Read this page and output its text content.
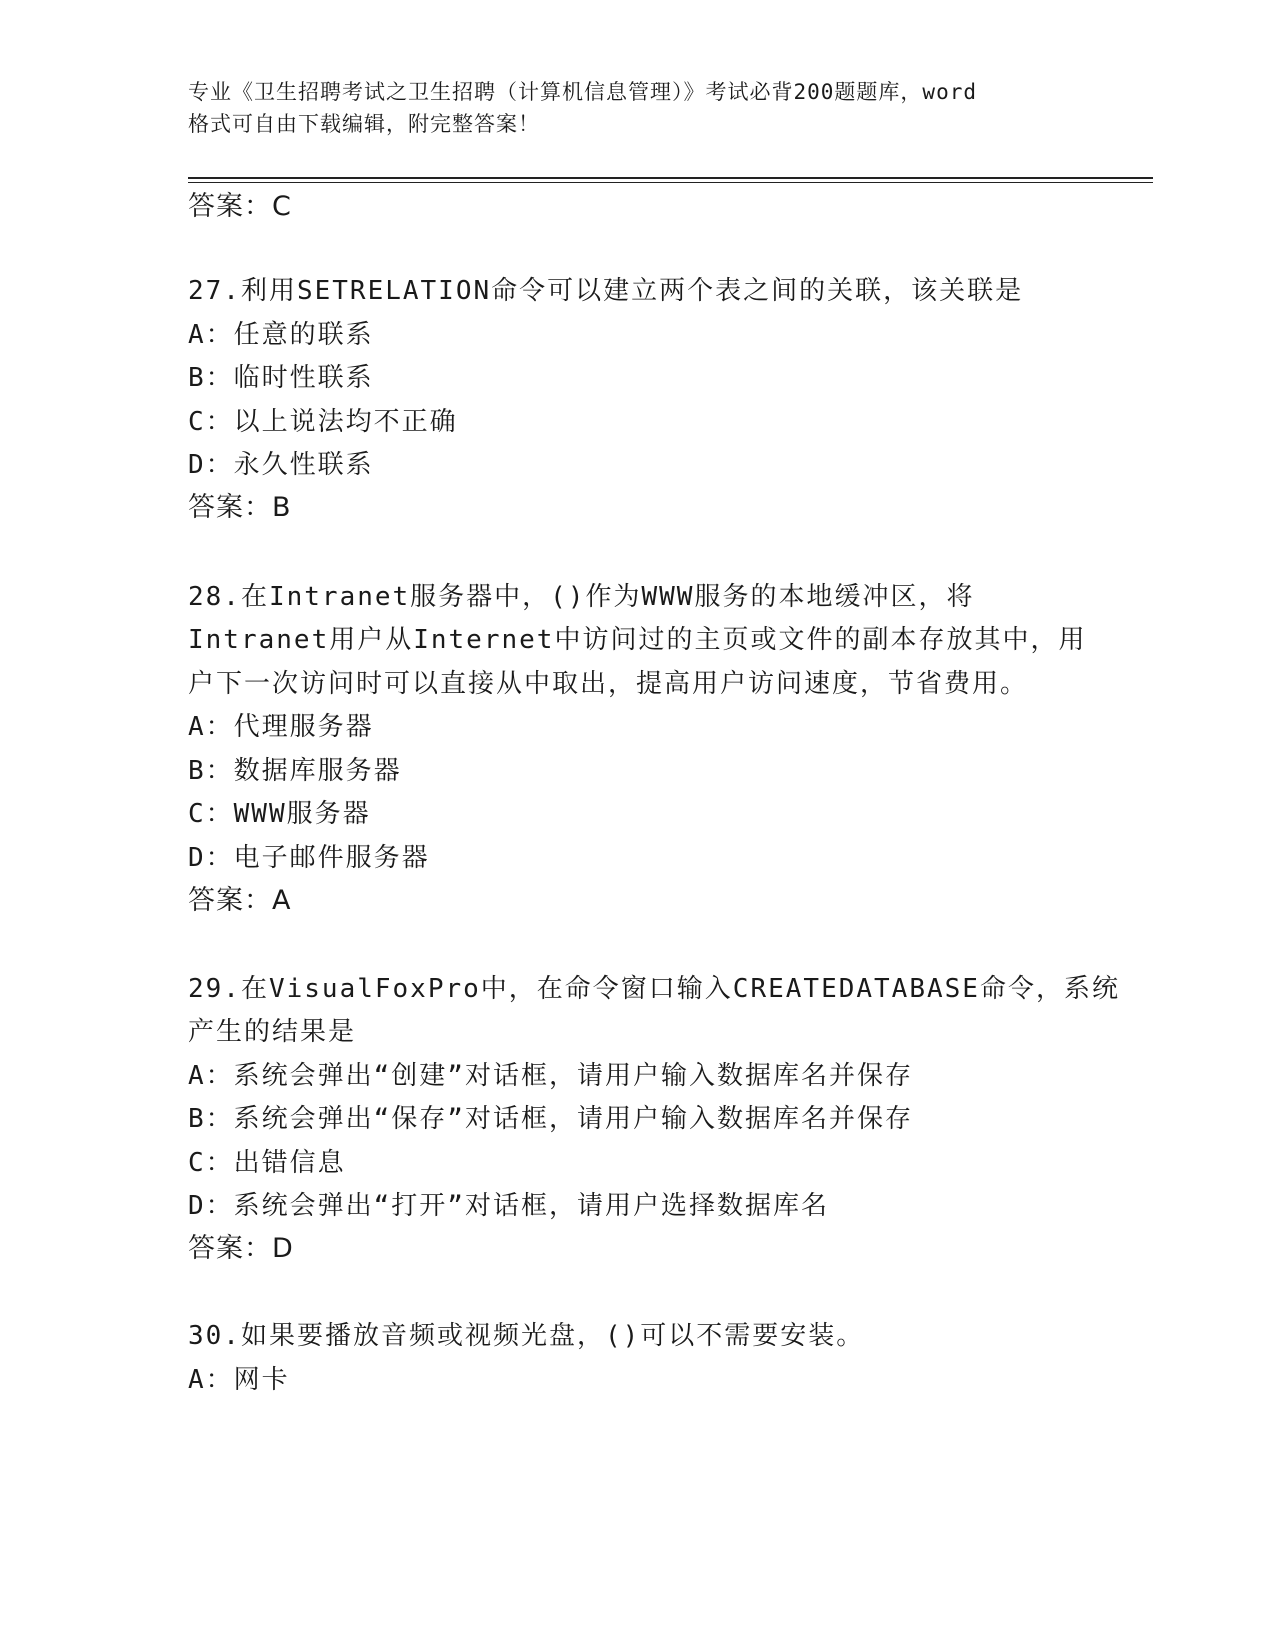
专业《卫生招聘考试之卫生招聘（计算机信息管理）》考试必背200题题库，word
格式可自由下载编辑，附完整答案！
答案：C
27.利用SETRELATION命令可以建立两个表之间的关联，该关联是
A：任意的联系
B：临时性联系
C：以上说法均不正确
D：永久性联系
答案：B
28.在Intranet服务器中，()作为WWW服务的本地缓冲区，将
Intranet用户从Internet中访问过的主页或文件的副本存放其中，用
户下一次访问时可以直接从中取出，提高用户访问速度，节省费用。
A：代理服务器
B：数据库服务器
C：WWW服务器
D：电子邮件服务器
答案：A
29.在VisualFoxPro中，在命令窗口输入CREATEDATABASE命令，系统
产生的结果是
A：系统会弹出“创建”对话框，请用户输入数据库名并保存
B：系统会弹出“保存”对话框，请用户输入数据库名并保存
C：出错信息
D：系统会弹出“打开”对话框，请用户选择数据库名
答案：D
30.如果要播放音频或视频光盘，()可以不需要安装。
A：网卡
